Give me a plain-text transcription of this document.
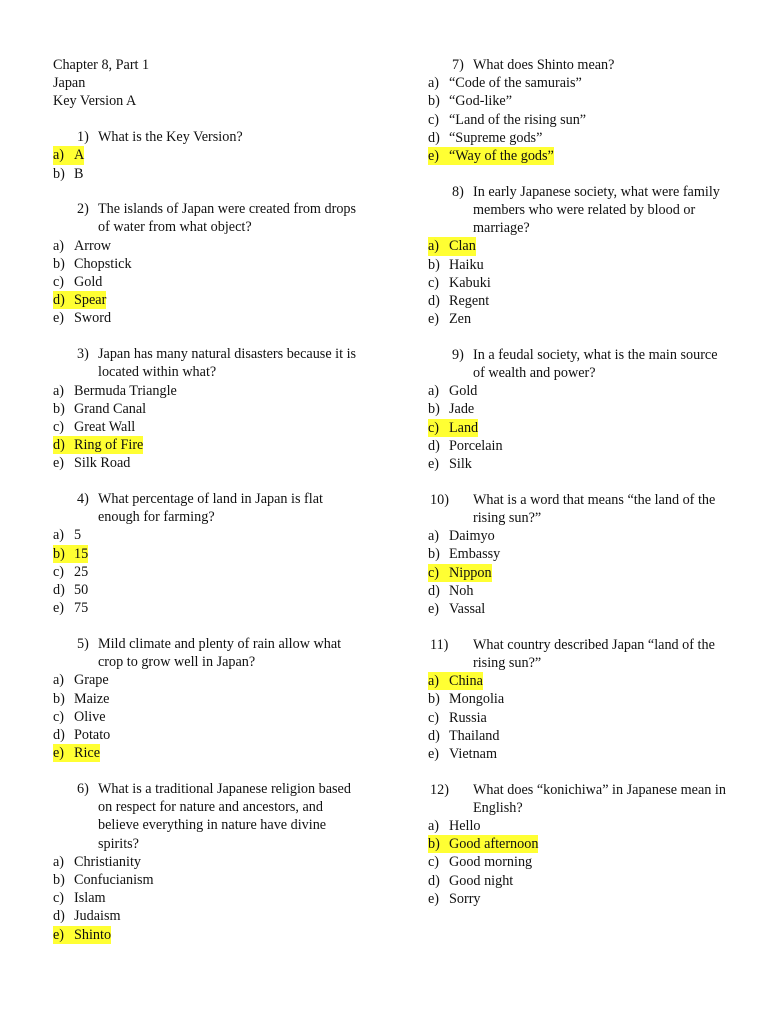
Chapter 8, Part 1
Japan
Key Version A
1) What is the Key Version?
a) A
b) B
2) The islands of Japan were created from drops of water from what object?
a) Arrow
b) Chopstick
c) Gold
d) Spear
e) Sword
3) Japan has many natural disasters because it is located within what?
a) Bermuda Triangle
b) Grand Canal
c) Great Wall
d) Ring of Fire
e) Silk Road
4) What percentage of land in Japan is flat enough for farming?
a) 5
b) 15
c) 25
d) 50
e) 75
5) Mild climate and plenty of rain allow what crop to grow well in Japan?
a) Grape
b) Maize
c) Olive
d) Potato
e) Rice
6) What is a traditional Japanese religion based on respect for nature and ancestors, and believe everything in nature have divine spirits?
a) Christianity
b) Confucianism
c) Islam
d) Judaism
e) Shinto
7) What does Shinto mean?
a) “Code of the samurais”
b) “God-like”
c) “Land of the rising sun”
d) “Supreme gods”
e) “Way of the gods”
8) In early Japanese society, what were family members who were related by blood or marriage?
a) Clan
b) Haiku
c) Kabuki
d) Regent
e) Zen
9) In a feudal society, what is the main source of wealth and power?
a) Gold
b) Jade
c) Land
d) Porcelain
e) Silk
10) What is a word that means “the land of the rising sun?”
a) Daimyo
b) Embassy
c) Nippon
d) Noh
e) Vassal
11) What country described Japan “land of the rising sun?”
a) China
b) Mongolia
c) Russia
d) Thailand
e) Vietnam
12) What does “konichiwa” in Japanese mean in English?
a) Hello
b) Good afternoon
c) Good morning
d) Good night
e) Sorry
